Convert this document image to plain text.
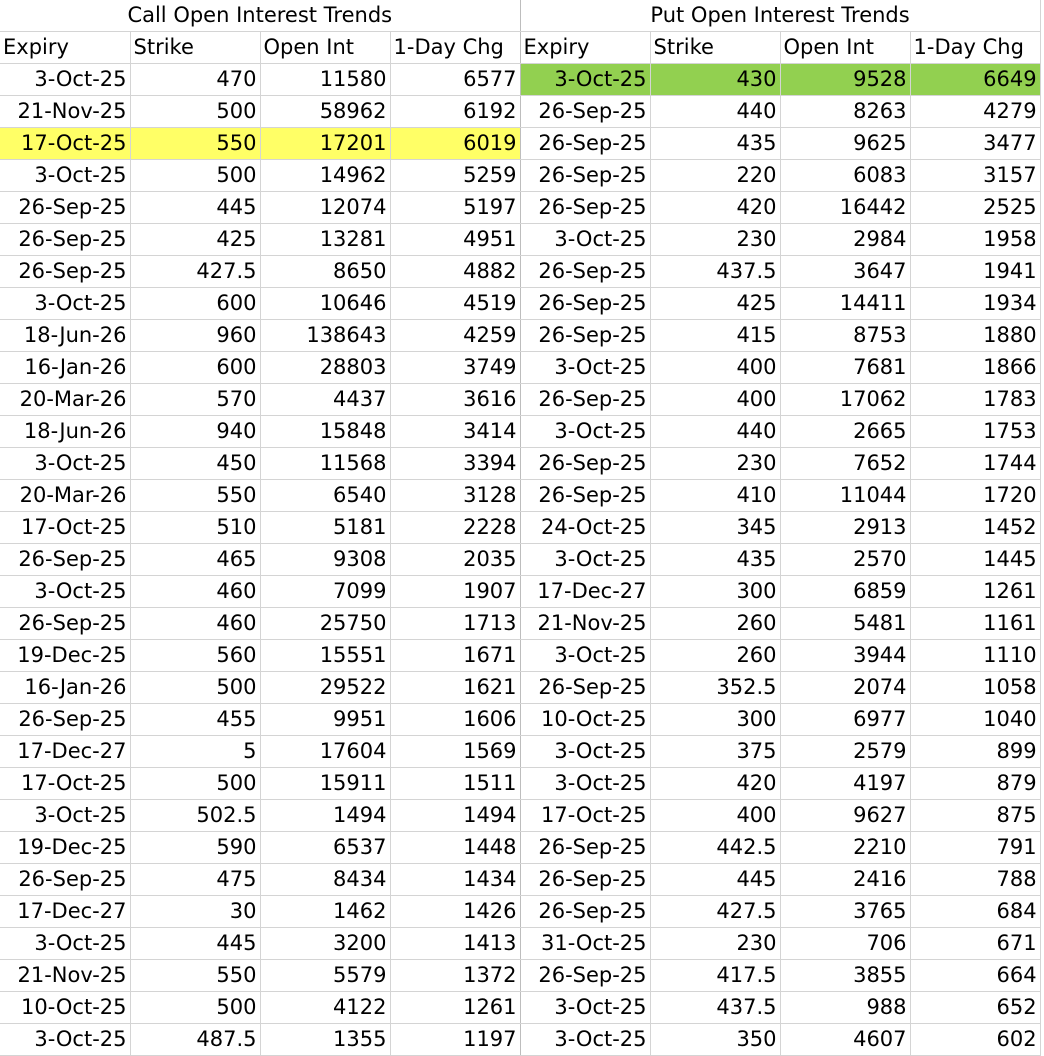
Call Open Interest Trends				Put Open Interest Trends			
Expiry	Strike	Open Int	1-Day Chg	Expiry	Strike	Open Int	1-Day Chg
3-Oct-25	470	11580	6577	3-Oct-25	430	9528	6649
21-Nov-25	500	58962	6192	26-Sep-25	440	8263	4279
17-Oct-25	550	17201	6019	26-Sep-25	435	9625	3477
3-Oct-25	500	14962	5259	26-Sep-25	220	6083	3157
26-Sep-25	445	12074	5197	26-Sep-25	420	16442	2525
26-Sep-25	425	13281	4951	3-Oct-25	230	2984	1958
26-Sep-25	427.5	8650	4882	26-Sep-25	437.5	3647	1941
3-Oct-25	600	10646	4519	26-Sep-25	425	14411	1934
18-Jun-26	960	138643	4259	26-Sep-25	415	8753	1880
16-Jan-26	600	28803	3749	3-Oct-25	400	7681	1866
20-Mar-26	570	4437	3616	26-Sep-25	400	17062	1783
18-Jun-26	940	15848	3414	3-Oct-25	440	2665	1753
3-Oct-25	450	11568	3394	26-Sep-25	230	7652	1744
20-Mar-26	550	6540	3128	26-Sep-25	410	11044	1720
17-Oct-25	510	5181	2228	24-Oct-25	345	2913	1452
26-Sep-25	465	9308	2035	3-Oct-25	435	2570	1445
3-Oct-25	460	7099	1907	17-Dec-27	300	6859	1261
26-Sep-25	460	25750	1713	21-Nov-25	260	5481	1161
19-Dec-25	560	15551	1671	3-Oct-25	260	3944	1110
16-Jan-26	500	29522	1621	26-Sep-25	352.5	2074	1058
26-Sep-25	455	9951	1606	10-Oct-25	300	6977	1040
17-Dec-27	5	17604	1569	3-Oct-25	375	2579	899
17-Oct-25	500	15911	1511	3-Oct-25	420	4197	879
3-Oct-25	502.5	1494	1494	17-Oct-25	400	9627	875
19-Dec-25	590	6537	1448	26-Sep-25	442.5	2210	791
26-Sep-25	475	8434	1434	26-Sep-25	445	2416	788
17-Dec-27	30	1462	1426	26-Sep-25	427.5	3765	684
3-Oct-25	445	3200	1413	31-Oct-25	230	706	671
21-Nov-25	550	5579	1372	26-Sep-25	417.5	3855	664
10-Oct-25	500	4122	1261	3-Oct-25	437.5	988	652
3-Oct-25	487.5	1355	1197	3-Oct-25	350	4607	602
